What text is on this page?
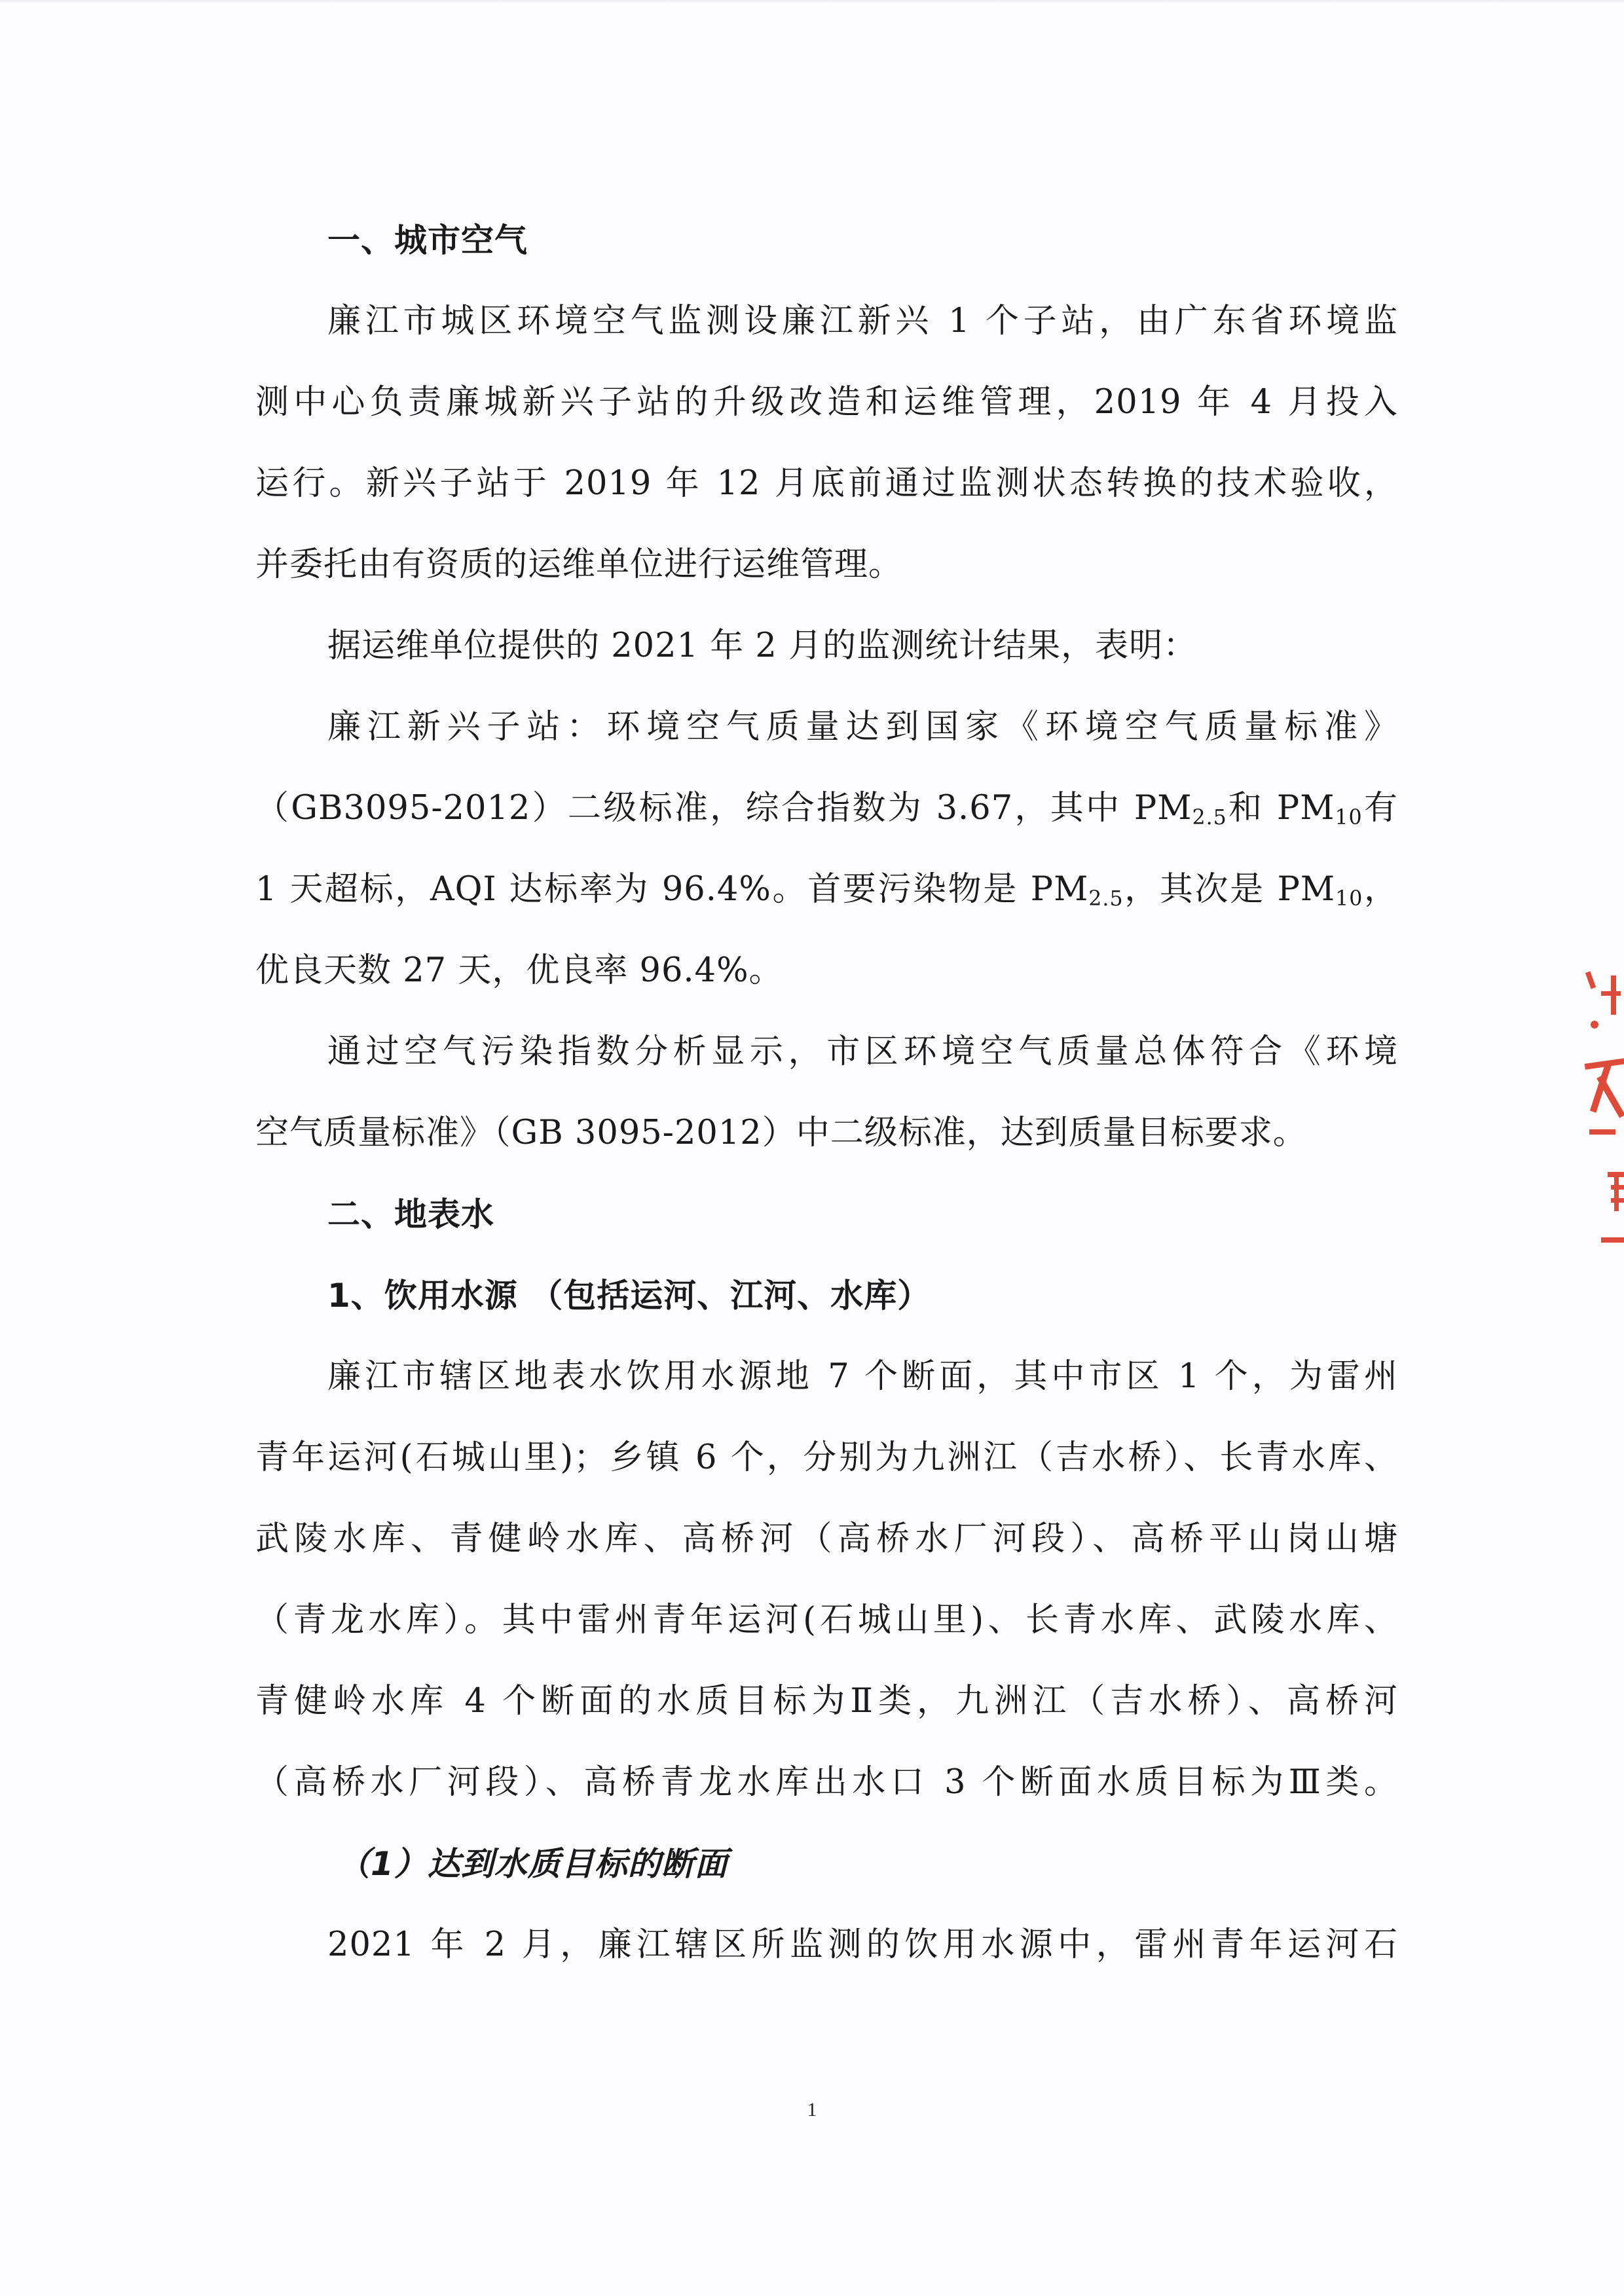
一、城市空气
廉江市城区环境空气监测设廉江新兴 1 个子站，由广东省环境监
测中心负责廉城新兴子站的升级改造和运维管理，2019 年 4 月投入
运行。新兴子站于 2019 年 12 月底前通过监测状态转换的技术验收，
并委托由有资质的运维单位进行运维管理。
据运维单位提供的 2021 年 2 月的监测统计结果，表明：
廉江新兴子站：环境空气质量达到国家《环境空气质量标准》
（GB3095-2012）二级标准，综合指数为 3.67，其中 $PM_{2.5}$和 $PM_{10}$有
1 天超标，AQI 达标率为 96.4%。首要污染物是 $PM_{2.5}$，其次是 $PM_{10}$，
优良天数 27 天，优良率 96.4%。
通过空气污染指数分析显示，市区环境空气质量总体符合《环境
空气质量标准》（GB 3095-2012）中二级标准，达到质量目标要求。
二、地表水
1、饮用水源 （包括运河、江河、水库）
廉江市辖区地表水饮用水源地 7 个断面，其中市区 1 个，为雷州
青年运河(石城山里)；乡镇 6 个，分别为九洲江（吉水桥）、长青水库、
武陵水库、青健岭水库、高桥河（高桥水厂河段）、高桥平山岗山塘
（青龙水库）。其中雷州青年运河(石城山里)、长青水库、武陵水库、
青健岭水库 4 个断面的水质目标为Ⅱ类，九洲江（吉水桥）、高桥河
（高桥水厂河段）、高桥青龙水库出水口 3 个断面水质目标为Ⅲ类。
（1）达到水质目标的断面
2021 年 2 月，廉江辖区所监测的饮用水源中，雷州青年运河石
1
